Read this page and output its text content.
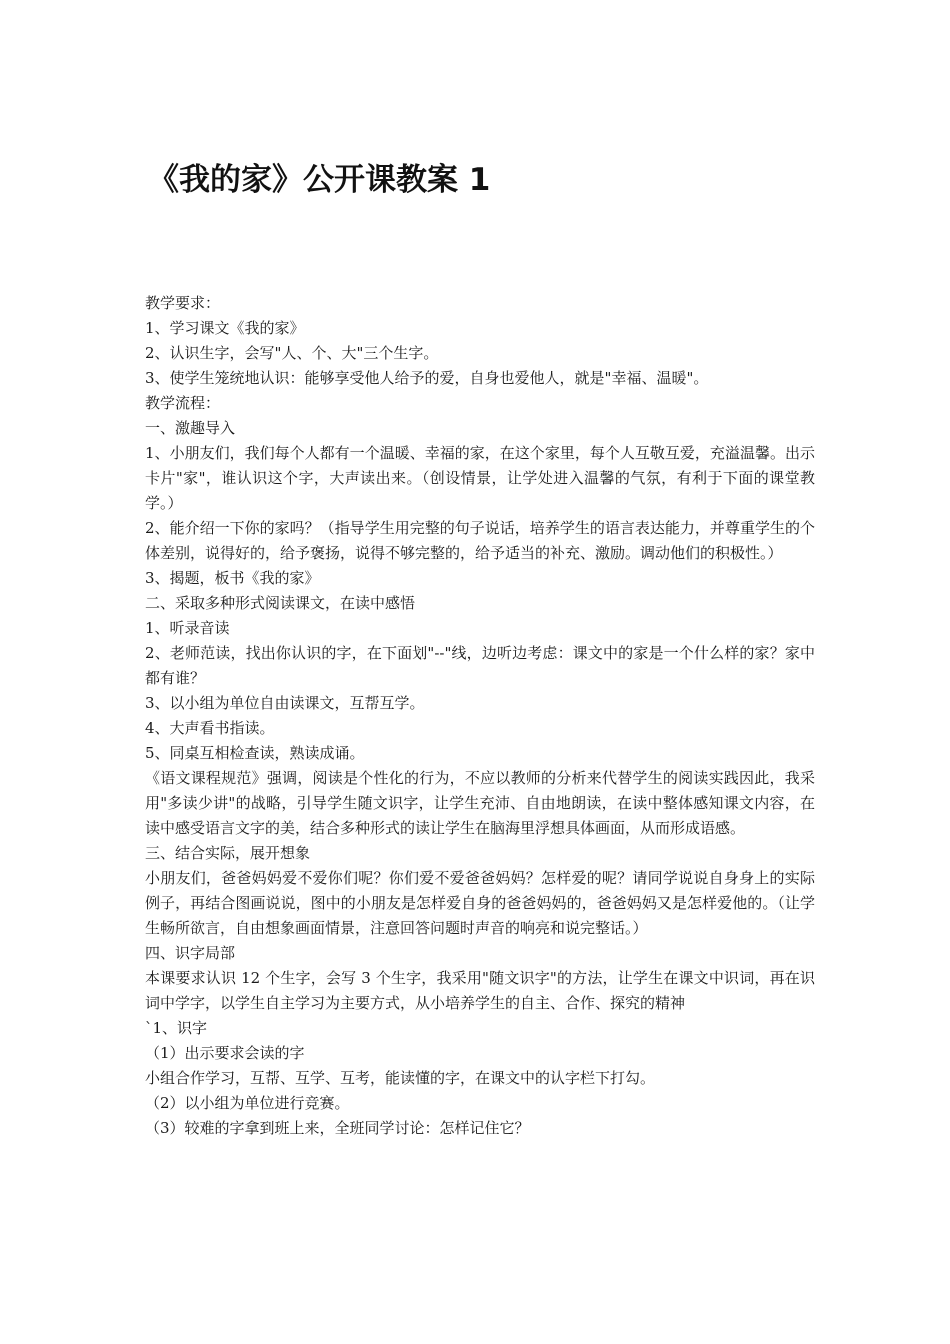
《我的家》公开课教案 1

教学要求：

1、学习课文《我的家》

2、认识生字，会写"人、个、大"三个生字。

3、使学生笼统地认识：能够享受他人给予的爱，自身也爱他人，就是"幸福、温暖"。

教学流程：

一、激趣导入

1、小朋友们，我们每个人都有一个温暖、幸福的家，在这个家里，每个人互敬互爱，充溢温馨。出示卡片"家"，谁认识这个字，大声读出来。（创设情景，让学处进入温馨的气氛，有利于下面的课堂教学。）

2、能介绍一下你的家吗？（指导学生用完整的句子说话，培养学生的语言表达能力，并尊重学生的个体差别，说得好的，给予褒扬，说得不够完整的，给予适当的补充、激励。调动他们的积极性。）

3、揭题，板书《我的家》

二、采取多种形式阅读课文，在读中感悟

1、听录音读

2、老师范读，找出你认识的字，在下面划"--"线，边听边考虑：课文中的家是一个什么样的家？家中都有谁？

3、以小组为单位自由读课文，互帮互学。

4、大声看书指读。

5、同桌互相检查读，熟读成诵。

《语文课程规范》强调，阅读是个性化的行为，不应以教师的分析来代替学生的阅读实践因此，我采用"多读少讲"的战略，引导学生随文识字，让学生充沛、自由地朗读，在读中整体感知课文内容，在读中感受语言文字的美，结合多种形式的读让学生在脑海里浮想具体画面，从而形成语感。

三、结合实际，展开想象

小朋友们，爸爸妈妈爱不爱你们呢？你们爱不爱爸爸妈妈？怎样爱的呢？请同学说说自身身上的实际例子，再结合图画说说，图中的小朋友是怎样爱自身的爸爸妈妈的，爸爸妈妈又是怎样爱他的。（让学生畅所欲言，自由想象画面情景，注意回答问题时声音的响亮和说完整话。）

四、识字局部

本课要求认识 12 个生字，会写 3 个生字，我采用"随文识字"的方法，让学生在课文中识词，再在识词中学字，以学生自主学习为主要方式，从小培养学生的自主、合作、探究的精神

`1、识字

（1）出示要求会读的字

小组合作学习，互帮、互学、互考，能读懂的字，在课文中的认字栏下打勾。

（2）以小组为单位进行竞赛。

（3）较难的字拿到班上来，全班同学讨论：怎样记住它？
